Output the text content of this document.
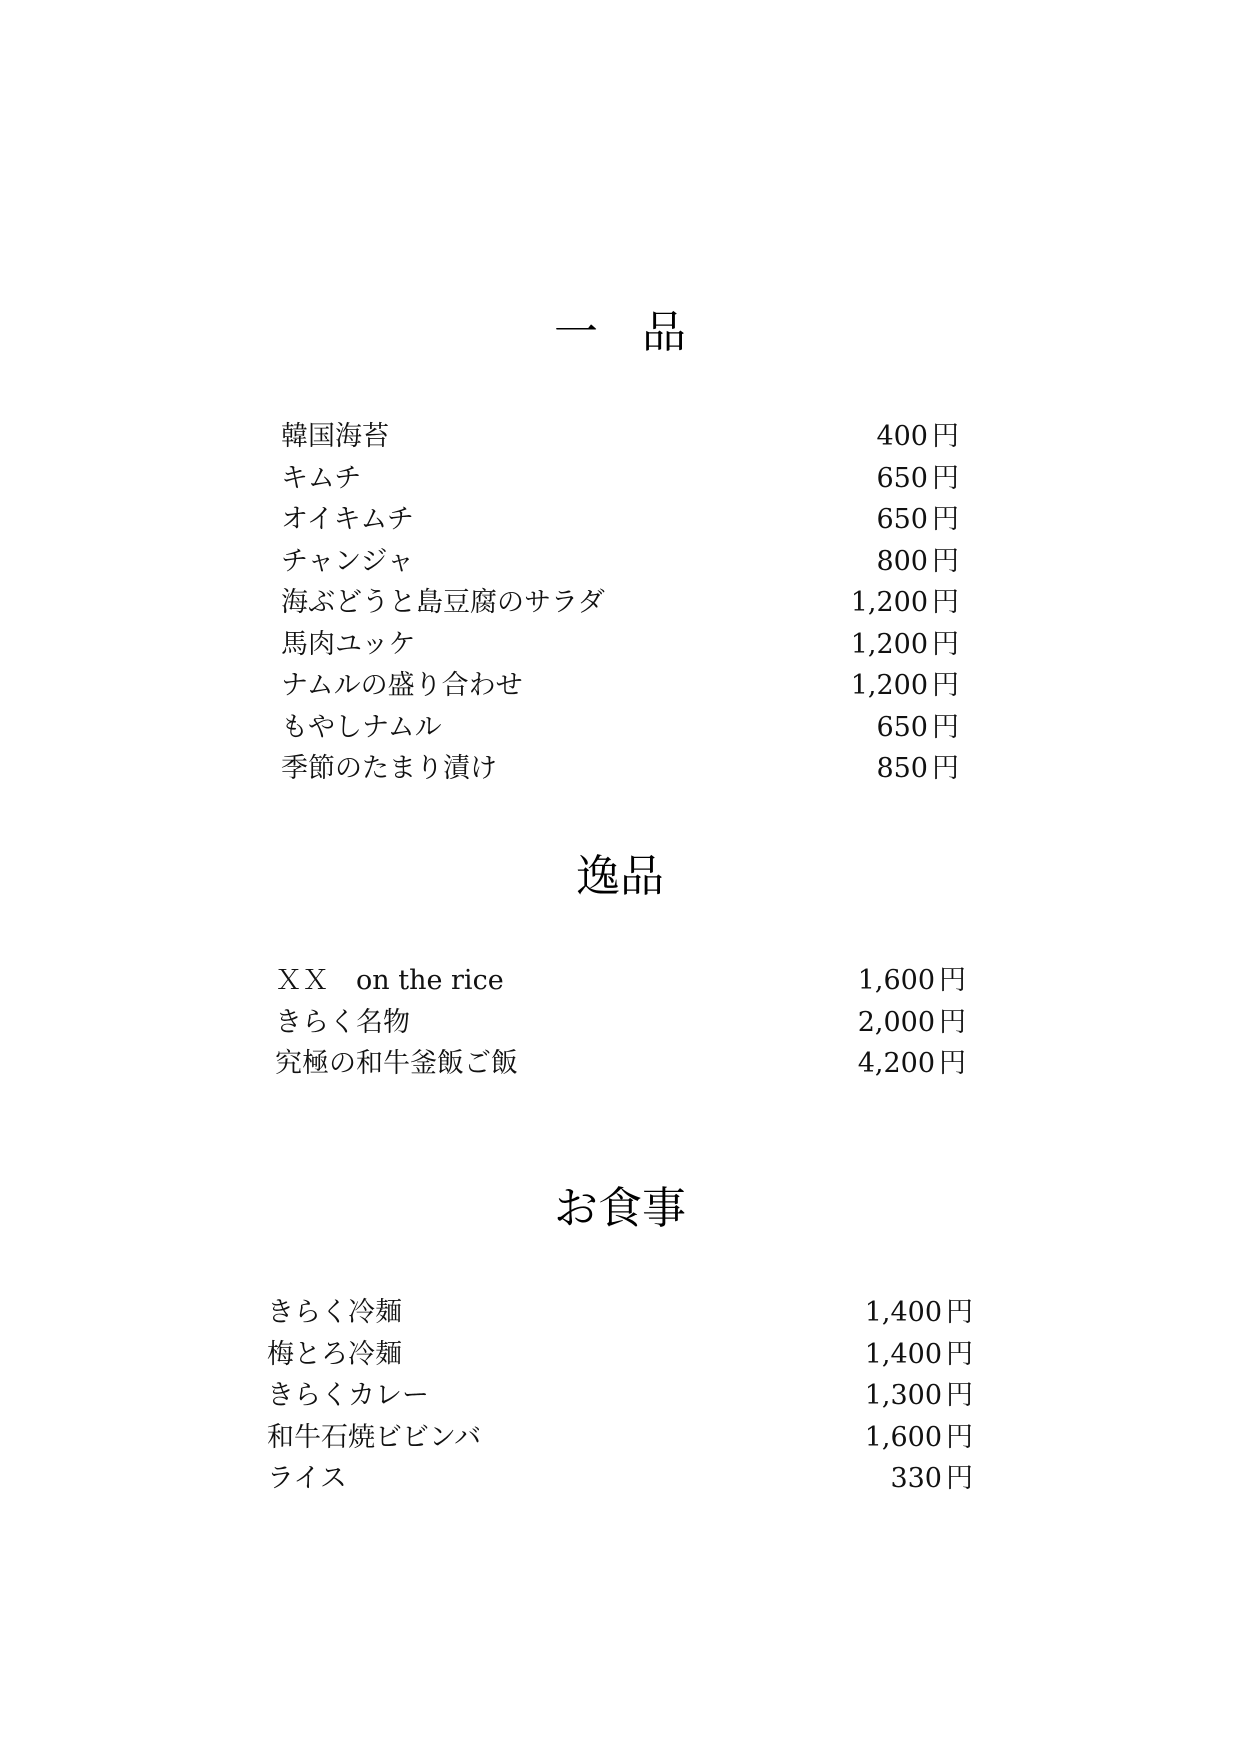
一　品
韓国海苔	400 円
キムチ	650 円
オイキムチ	650 円
チャンジャ	800 円
海ぶどうと島豆腐のサラダ	1,200 円
馬肉ユッケ	1,200 円
ナムルの盛り合わせ	1,200 円
もやしナムル	650 円
季節のたまり漬け	850 円
逸品
ＸＸ　on the rice	1,600 円
きらく名物	2,000 円
究極の和牛釜飯ご飯	4,200 円
お食事
きらく冷麺	1,400 円
梅とろ冷麺	1,400 円
きらくカレー	1,300 円
和牛石焼ビビンバ	1,600 円
ライス	330 円
